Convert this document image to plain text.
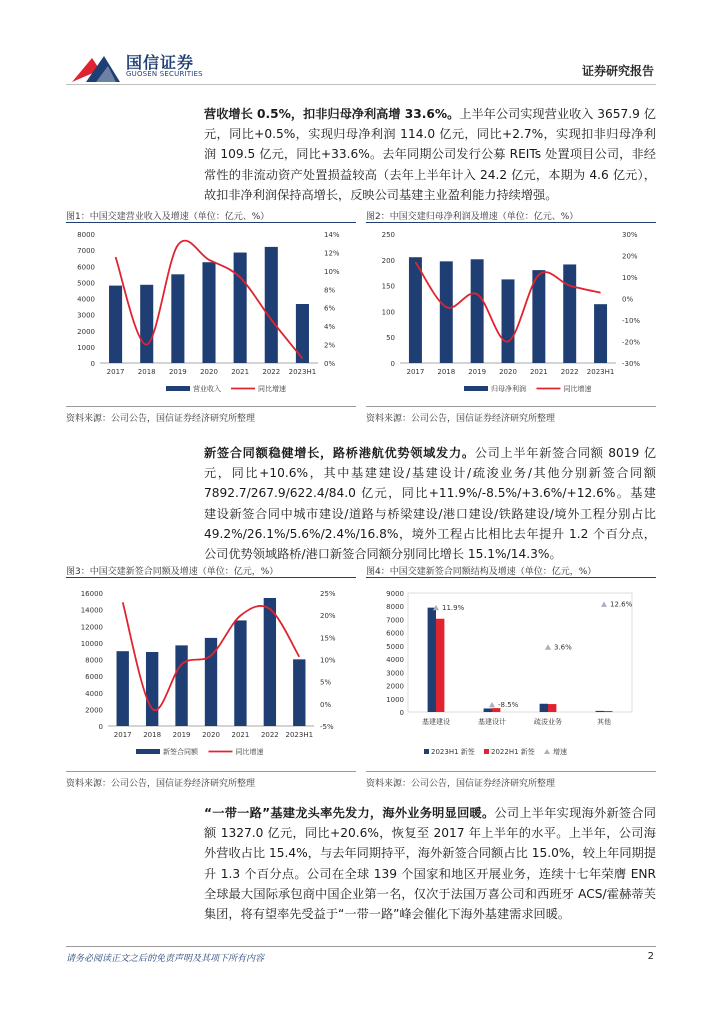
国信证券
GUOSEN SECURITIES	证券研究报告

营收增长 0.5%，扣非归母净利高增 33.6%。上半年公司实现营业收入 3657.9 亿元，同比+0.5%，实现归母净利润 114.0 亿元，同比+2.7%，实现扣非归母净利润 109.5 亿元，同比+33.6%。去年同期公司发行公募 REITs 处置项目公司，非经常性的非流动资产处置损益较高（去年上半年计入 24.2 亿元，本期为 4.6 亿元），故扣非净利润保持高增长，反映公司基建主业盈利能力持续增强。

图1：中国交建营业收入及增速（单位：亿元、%）
0
1000
2000
3000
4000
5000
6000
7000
8000
0%
2%
4%
6%
8%
10%
12%
14%
2017 2018 2019 2020 2021 2022 2023H1
营业收入	同比增速
资料来源：公司公告，国信证券经济研究所整理
图2：中国交建归母净利润及增速（单位：亿元、%）
0
50
100
150
200
250
-30%
-20%
-10%
0%
10%
20%
30%
2017 2018 2019 2020 2021 2022 2023H1
归母净利润	同比增速
资料来源：公司公告，国信证券经济研究所整理

新签合同额稳健增长，路桥港航优势领域发力。公司上半年新签合同额 8019 亿元，同比+10.6%，其中基建建设/基建设计/疏浚业务/其他分别新签合同额 7892.7/267.9/622.4/84.0 亿元，同比+11.9%/-8.5%/+3.6%/+12.6%。基建建设新签合同中城市建设/道路与桥梁建设/港口建设/铁路建设/境外工程分别占比 49.2%/26.1%/5.6%/2.4%/16.8%，境外工程占比相比去年提升 1.2 个百分点，公司优势领域路桥/港口新签合同额分别同比增长 15.1%/14.3%。

图3：中国交建新签合同额及增速（单位：亿元，%）
0
2000
4000
6000
8000
10000
12000
14000
16000
-5%
0%
5%
10%
15%
20%
25%
2017 2018 2019 2020 2021 2022 2023H1
新签合同额	同比增速
资料来源：公司公告，国信证券经济研究所整理
图4：中国交建新签合同额结构及增速（单位：亿元，%）
0
1000
2000
3000
4000
5000
6000
7000
8000
9000
基建建设
11.9%
基建设计
-8.5%
疏浚业务
3.6%
其他
12.6%
2023H1 新签 2022H1 新签	增速
资料来源：公司公告，国信证券经济研究所整理

“一带一路”基建龙头率先发力，海外业务明显回暖。公司上半年实现海外新签合同额 1327.0 亿元，同比+20.6%，恢复至 2017 年上半年的水平。上半年，公司海外营收占比 15.4%，与去年同期持平，海外新签合同额占比 15.0%，较上年同期提升 1.3 个百分点。公司在全球 139 个国家和地区开展业务，连续十七年荣膺 ENR 全球最大国际承包商中国企业第一名，仅次于法国万喜公司和西班牙 ACS/霍赫蒂芙集团，将有望率先受益于“一带一路”峰会催化下海外基建需求回暖。

请务必阅读正文之后的免责声明及其项下所有内容	2
